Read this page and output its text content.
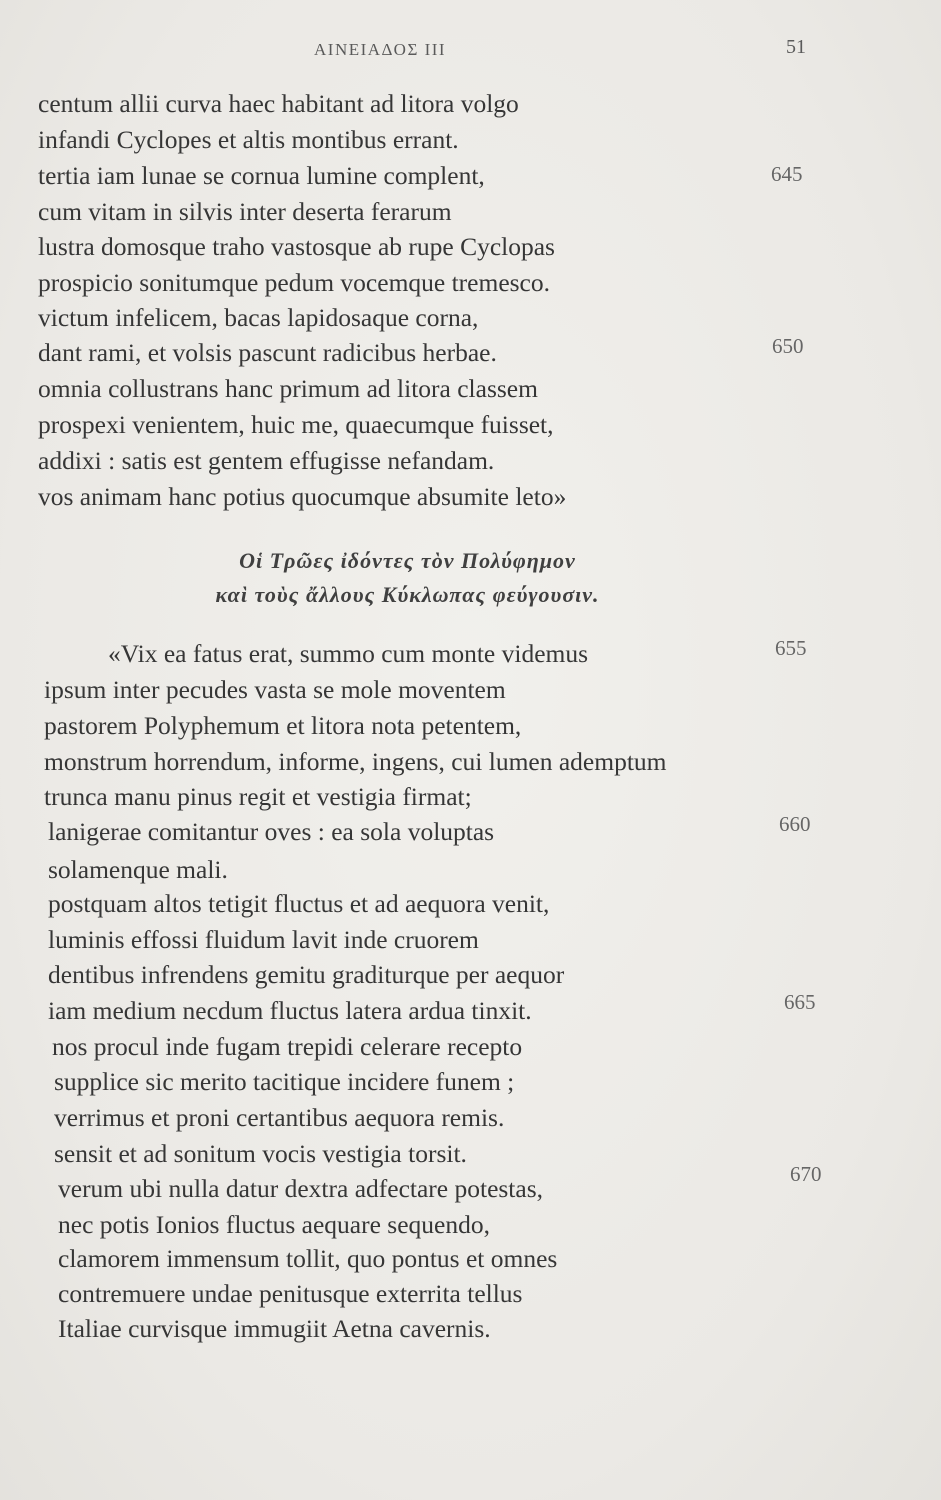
ΑΙΝΕΙΑΔΟΣ ΙΙΙ	51
centum allii curva haec habitant ad litora volgo
infandi Cyclopes et altis montibus errant.
tertia iam lunae se cornua lumine complent,	645
cum vitam in silvis inter deserta ferarum
lustra domosque traho vastosque ab rupe Cyclopas
prospicio sonitumque pedum vocemque tremesco.
victum infelicem, bacas lapidosaque corna,
dant rami, et volsis pascunt radicibus herbae.	650
omnia collustrans hanc primum ad litora classem
prospexi venientem, huic me, quaecumque fuisset,
addixi : satis est gentem effugisse nefandam.
vos animam hanc potius quocumque absumite leto»
Οἱ Τρῶες ἰδόντες τὸν Πολύφημον
καὶ τοὺς ἄλλους Κύκλωπας φεύγουσιν.
«Vix ea fatus erat, summo cum monte videmus	655
ipsum inter pecudes vasta se mole moventem
pastorem Polyphemum et litora nota petentem,
monstrum horrendum, informe, ingens, cui lumen ademptum
trunca manu pinus regit et vestigia firmat;
lanigerae comitantur oves : ea sola voluptas	660
solamenque mali.
postquam altos tetigit fluctus et ad aequora venit,
luminis effossi fluidum lavit inde cruorem
dentibus infrendens gemitu graditurque per aequor
iam medium necdum fluctus latera ardua tinxit.	665
nos procul inde fugam trepidi celerare recepto
supplice sic merito tacitique incidere funem ;
verrimus et proni certantibus aequora remis.
sensit et ad sonitum vocis vestigia torsit.
verum ubi nulla datur dextra adfectare potestas,	670
nec potis Ionios fluctus aequare sequendo,
clamorem immensum tollit, quo pontus et omnes
contremuere undae penitusque exterrita tellus
Italiae curvisque immugiit Aetna cavernis.
